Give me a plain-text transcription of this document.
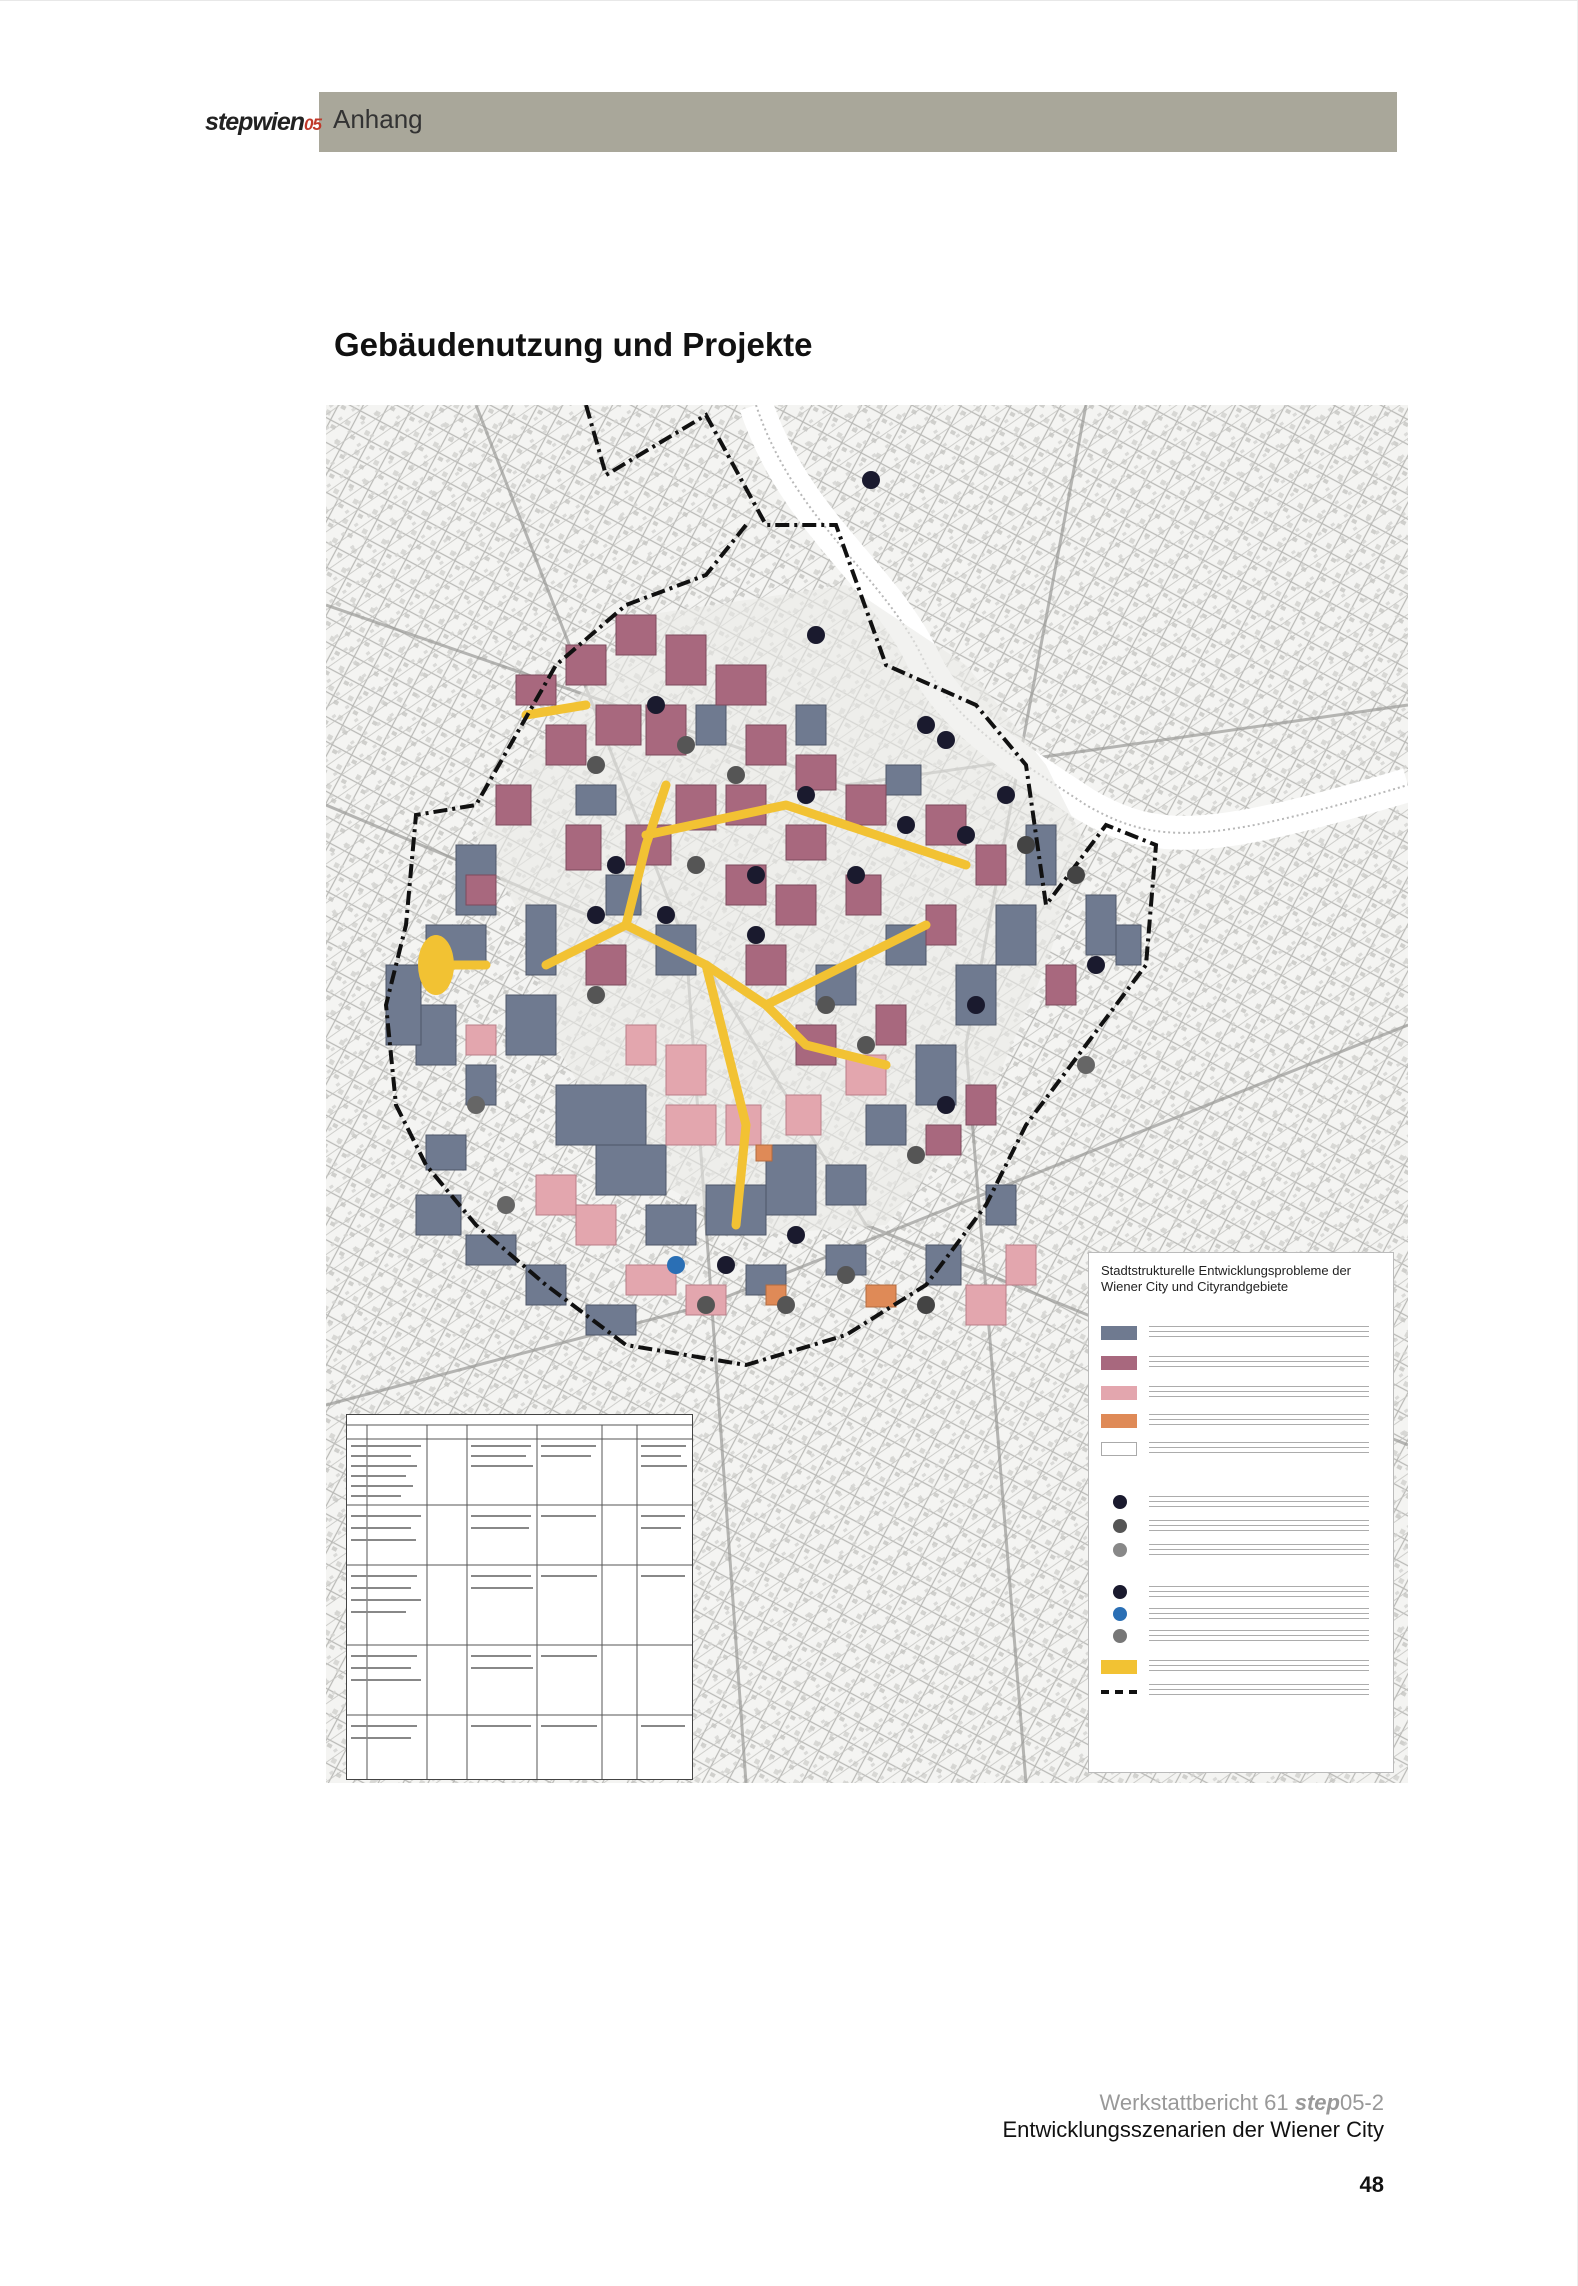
stepwien05 Anhang
Gebäudenutzung und Projekte
Stadtstrukturelle Entwicklungsprobleme der Wiener City und Cityrandgebiete
Werkstattbericht 61 step05-2
Entwicklungsszenarien der Wiener City
48
